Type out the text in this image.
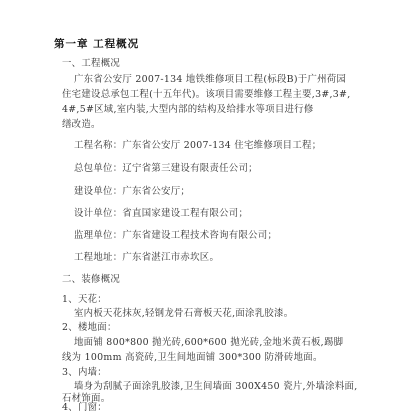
第一章 工程概况
一、工程概况
广东省公安厅 2007-134 地铁维修项目工程(标段B)于广州荷园
住宅建设总承包工程(十五年代)。该项目需要维修工程主要,3#,3#,
4#,5#区域,室内装,大型内部的结构及给排水等项目进行修
缮改造。
工程名称：广东省公安厅 2007-134 住宅维修项目工程；
总包单位：辽宁省第三建设有限责任公司；
建设单位：广东省公安厅；
设计单位：省直国家建设工程有限公司；
监理单位：广东省建设工程技术咨询有限公司；
工程地址：广东省湛江市赤坎区。
二、装修概况
1、天花：
室内板天花抹灰,轻钢龙骨石膏板天花,面涂乳胶漆。
2、楼地面：
地面铺 800*800 抛光砖,600*600 抛光砖,金地米黄石板,踢脚
线为 100mm 高瓷砖,卫生间地面铺 300*300 防滑砖地面。
3、内墙：
墙身为刮腻子面涂乳胶漆,卫生间墙面 300X450 瓷片,外墙涂料面,
石材饰面。
4、门窗：
